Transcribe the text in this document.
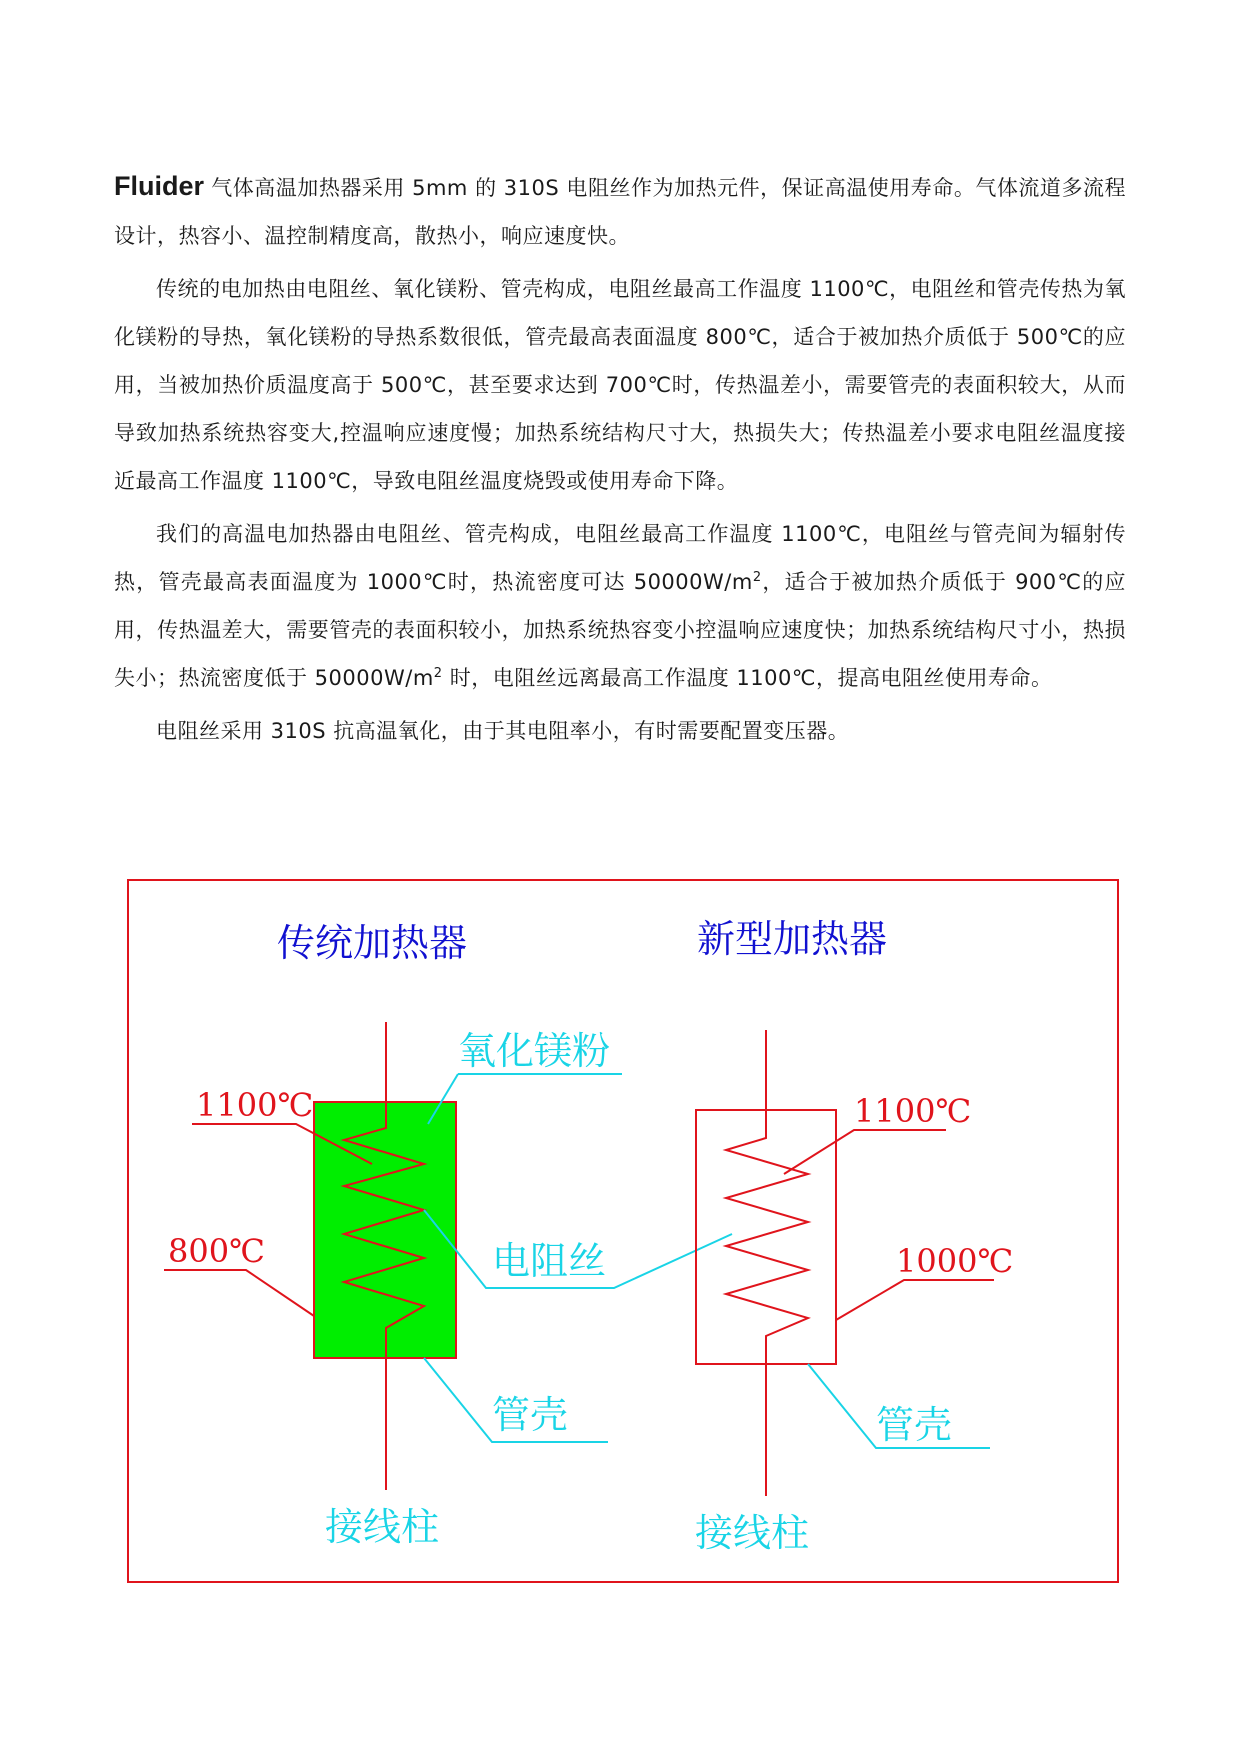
Fluider 气体高温加热器采用 5mm 的 310S 电阻丝作为加热元件，保证高温使用寿命。气体流道多流程设计，热容小、温控制精度高，散热小，响应速度快。

传统的电加热由电阻丝、氧化镁粉、管壳构成，电阻丝最高工作温度 1100℃，电阻丝和管壳传热为氧化镁粉的导热，氧化镁粉的导热系数很低，管壳最高表面温度 800℃，适合于被加热介质低于 500℃的应用，当被加热价质温度高于 500℃，甚至要求达到 700℃时，传热温差小，需要管壳的表面积较大，从而导致加热系统热容变大,控温响应速度慢；加热系统结构尺寸大，热损失大；传热温差小要求电阻丝温度接近最高工作温度 1100℃，导致电阻丝温度烧毁或使用寿命下降。

我们的高温电加热器由电阻丝、管壳构成，电阻丝最高工作温度 1100℃，电阻丝与管壳间为辐射传热，管壳最高表面温度为 1000℃时，热流密度可达 $50000W/m^2$，适合于被加热介质低于 900℃的应用，传热温差大，需要管壳的表面积较小，加热系统热容变小控温响应速度快；加热系统结构尺寸小，热损失小；热流密度低于 $50000W/m^2$ 时，电阻丝远离最高工作温度 1100℃，提高电阻丝使用寿命。

电阻丝采用 310S 抗高温氧化，由于其电阻率小，有时需要配置变压器。

传统加热器	新型加热器
氧化镁粉
1100℃
800℃	电阻丝
管壳
接线柱
1100℃
1000℃
管壳
接线柱
